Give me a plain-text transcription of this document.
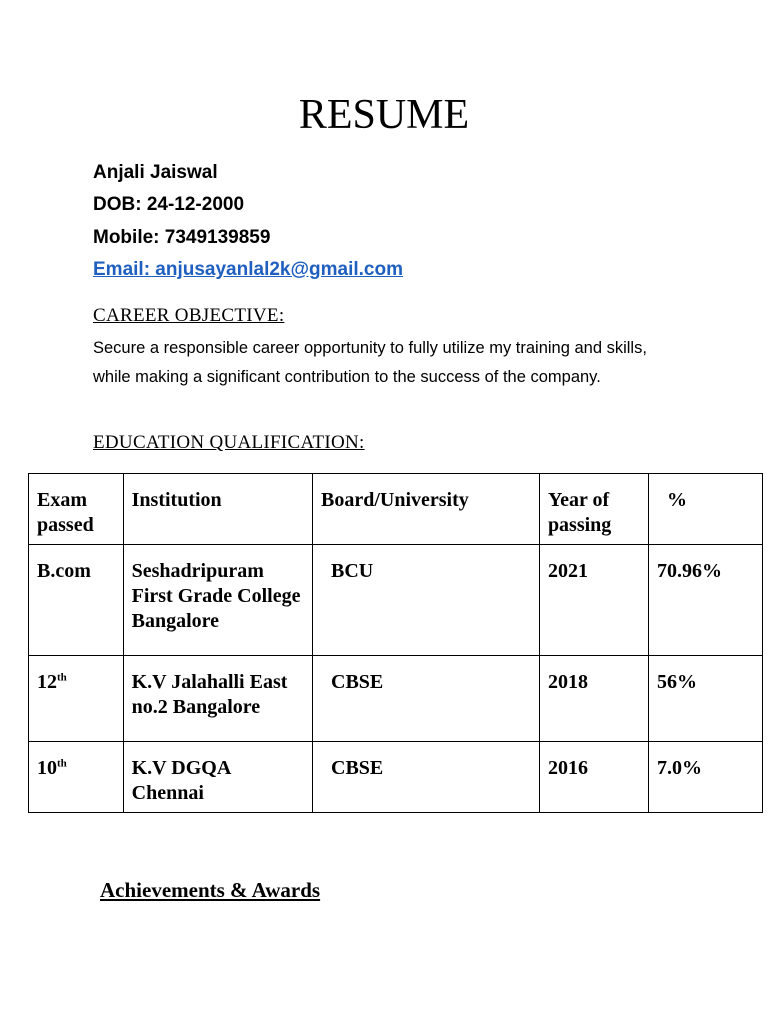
RESUME
Anjali Jaiswal
DOB: 24-12-2000
Mobile: 7349139859
Email: anjusayanlal2k@gmail.com
CAREER OBJECTIVE:
Secure a responsible career opportunity to fully utilize my training and skills, while making a significant contribution to the success of the company.
EDUCATION QUALIFICATION:
Exam passed	Institution	Board/University	Year of passing	%
B.com	Seshadripuram First Grade College Bangalore	BCU	2021	70.96%
12th	K.V Jalahalli East no.2 Bangalore	CBSE	2018	56%
10th	K.V DGQA Chennai	CBSE	2016	7.0%
Achievements & Awards
